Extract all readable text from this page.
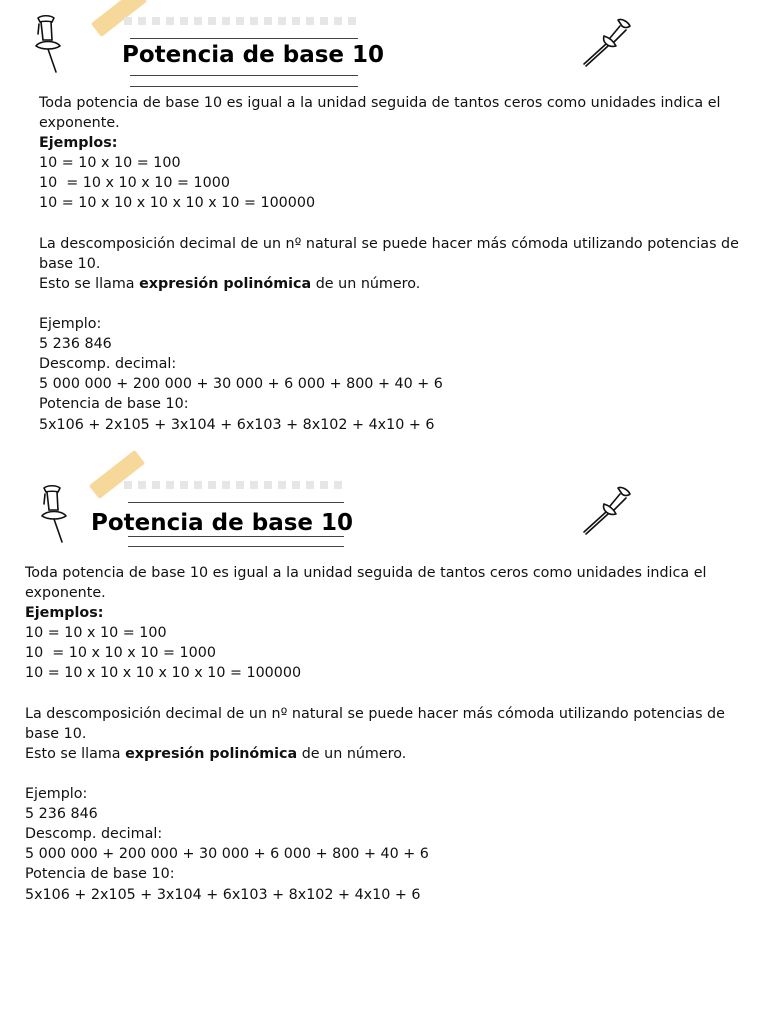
Potencia de base 10

Toda potencia de base 10 es igual a la unidad seguida de tantos ceros como unidades indica el exponente.

Ejemplos:

10 = 10 x 10 = 100

10  = 10 x 10 x 10 = 1000

10 = 10 x 10 x 10 x 10 x 10 = 100000

La descomposición decimal de un nº natural se puede hacer más cómoda utilizando potencias de base 10.

Esto se llama expresión polinómica de un número.

Ejemplo:

5 236 846

Descomp. decimal:

5 000 000 + 200 000 + 30 000 + 6 000 + 800 + 40 + 6

Potencia de base 10:

5x106 + 2x105 + 3x104 + 6x103 + 8x102 + 4x10 + 6

Potencia de base 10

Toda potencia de base 10 es igual a la unidad seguida de tantos ceros como unidades indica el exponente.

Ejemplos:

10 = 10 x 10 = 100

10  = 10 x 10 x 10 = 1000

10 = 10 x 10 x 10 x 10 x 10 = 100000

La descomposición decimal de un nº natural se puede hacer más cómoda utilizando potencias de base 10.

Esto se llama expresión polinómica de un número.

Ejemplo:

5 236 846

Descomp. decimal:

5 000 000 + 200 000 + 30 000 + 6 000 + 800 + 40 + 6

Potencia de base 10:

5x106 + 2x105 + 3x104 + 6x103 + 8x102 + 4x10 + 6
